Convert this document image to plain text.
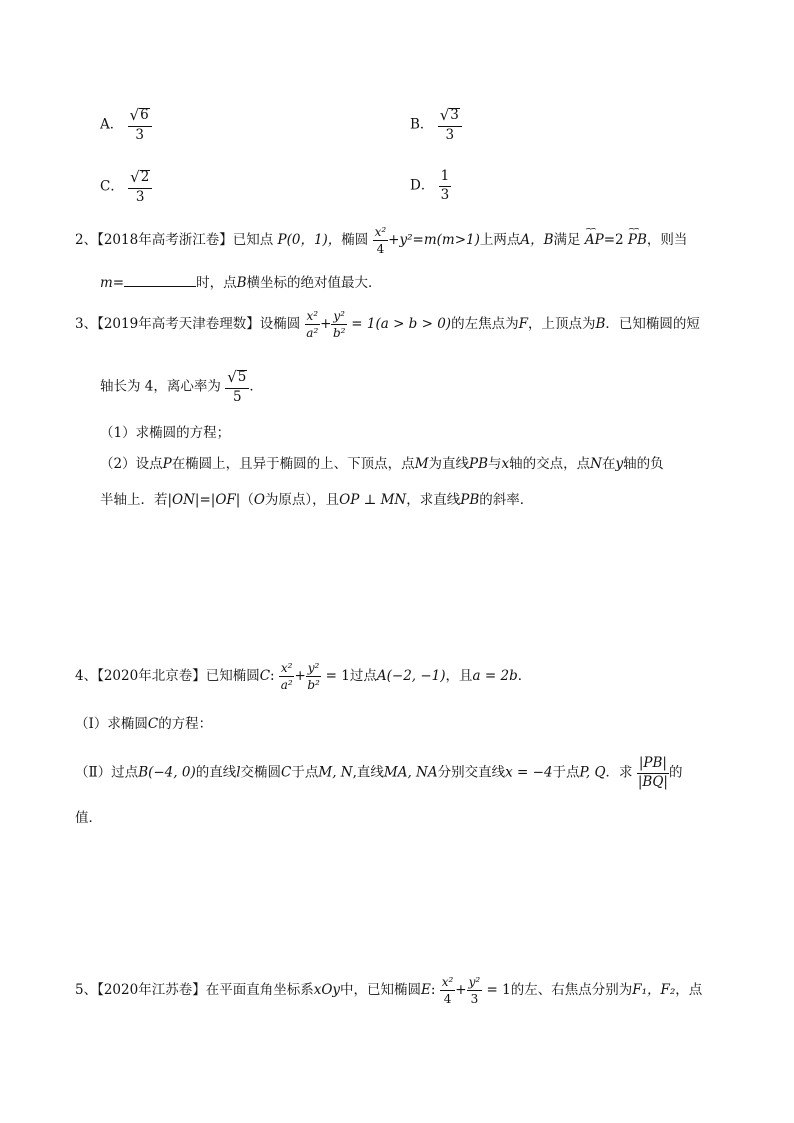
A． $\frac{√ 6}{3}$	B． $\frac{√ 3}{3}$
C． $\frac{√ 2}{3}$	D． $\frac{1}{3}$
2、【2018年高考浙江卷】已知点 P(0，1)，椭圆 $\frac{\text{x²}}{4} +y^2=m(m>1)$上两点A，B满足 ⌢⌢ AP=2 ⌢⌢ PB，则当
m=	时，点B横坐标的绝对值最大．
3、【2019年高考天津卷理数】设椭圆 $\frac{\text{x²}}{\text{a²}} + \frac{\text{y²}}{\text{b²}} = 1(a > b > 0)$的左焦点为F，上顶点为B．已知椭圆的短
轴长为 4，离心率为 $\frac{√ 5}{5}$ ．
（1）求椭圆的方程；
（2）设点P在椭圆上，且异于椭圆的上、下顶点，点M为直线PB与x轴的交点，点N在y轴的负
半轴上．若|ON|=|OF|（O为原点），且OP ⊥ MN，求直线PB的斜率．
4、【2020年北京卷】已知椭圆C: $\frac{\text{x²}}{\text{a²}} + \frac{\text{y²}}{\text{b²}} = 1$过点A(−2, −1)，且a = 2b．
（Ⅰ）求椭圆C的方程：
（Ⅱ）过点B(−4, 0)的直线l交椭圆C于点M, N,直线MA, NA分别交直线x = −4于点P, Q．求 $\frac{|PB|}{|BQ|}$ 的
值．
5、【2020年江苏卷】在平面直角坐标系xOy中，已知椭圆E: $\frac{\text{x²}}{4} + \frac{\text{y²}}{3} = 1$的左、右焦点分别为F₁，F₂，点
